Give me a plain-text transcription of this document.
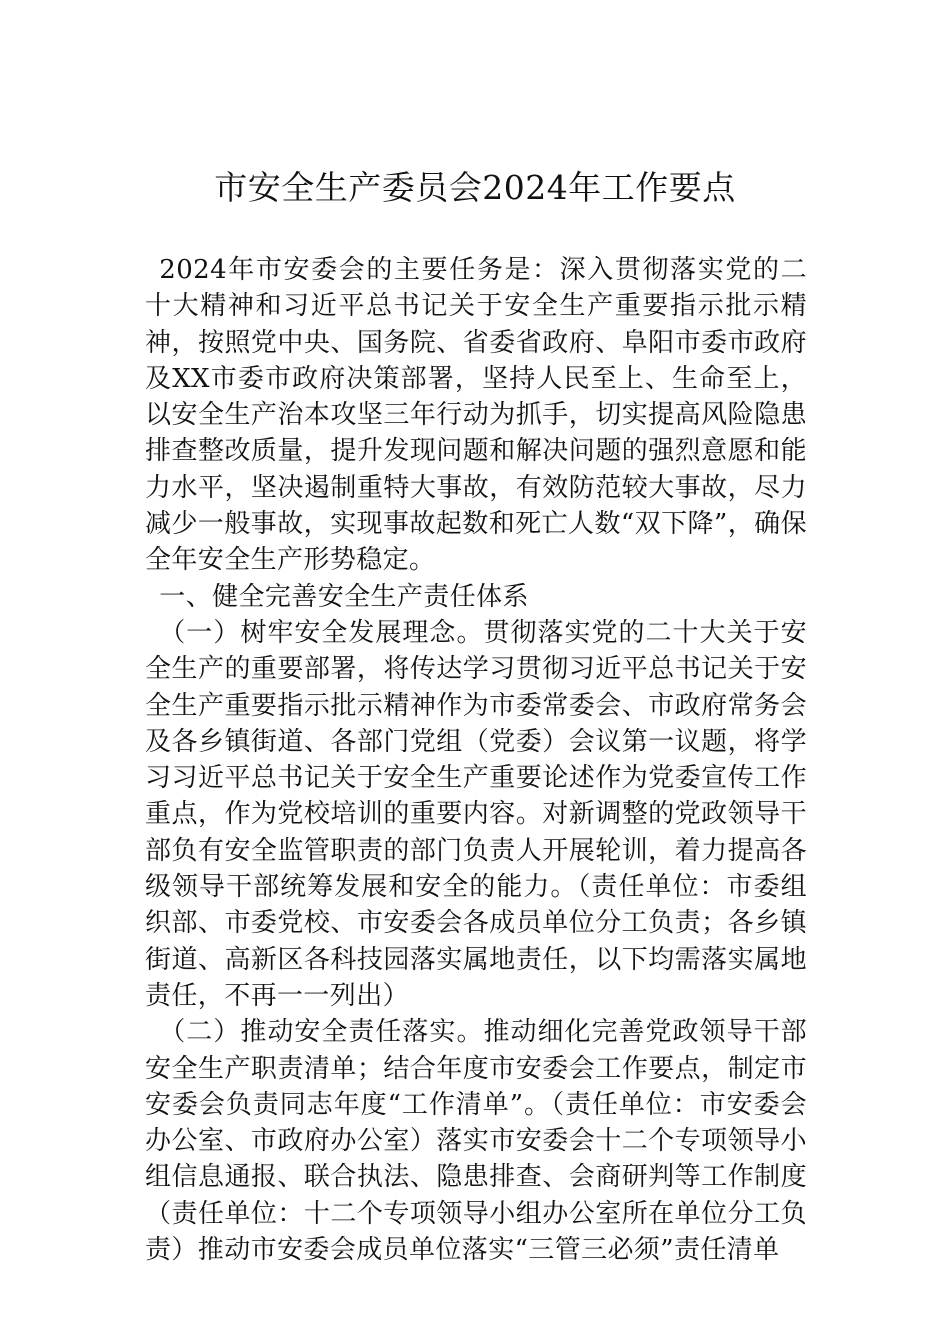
市安全生产委员会2024年工作要点

2024年市安委会的主要任务是：深入贯彻落实党的二十大精神和习近平总书记关于安全生产重要指示批示精神，按照党中央、国务院、省委省政府、阜阳市委市政府及XX市委市政府决策部署，坚持人民至上、生命至上，以安全生产治本攻坚三年行动为抓手，切实提高风险隐患排查整改质量，提升发现问题和解决问题的强烈意愿和能力水平，坚决遏制重特大事故，有效防范较大事故，尽力减少一般事故，实现事故起数和死亡人数“双下降”，确保全年安全生产形势稳定。

一、健全完善安全生产责任体系

（一）树牢安全发展理念。贯彻落实党的二十大关于安全生产的重要部署，将传达学习贯彻习近平总书记关于安全生产重要指示批示精神作为市委常委会、市政府常务会及各乡镇街道、各部门党组（党委）会议第一议题，将学习习近平总书记关于安全生产重要论述作为党委宣传工作重点，作为党校培训的重要内容。对新调整的党政领导干部负有安全监管职责的部门负责人开展轮训，着力提高各级领导干部统筹发展和安全的能力。（责任单位：市委组织部、市委党校、市安委会各成员单位分工负责；各乡镇街道、高新区各科技园落实属地责任，以下均需落实属地责任，不再一一列出）

（二）推动安全责任落实。推动细化完善党政领导干部安全生产职责清单；结合年度市安委会工作要点，制定市安委会负责同志年度“工作清单”。（责任单位：市安委会办公室、市政府办公室）落实市安委会十二个专项领导小组信息通报、联合执法、隐患排查、会商研判等工作制度（责任单位：十二个专项领导小组办公室所在单位分工负责）推动市安委会成员单位落实“三管三必须”责任清单
